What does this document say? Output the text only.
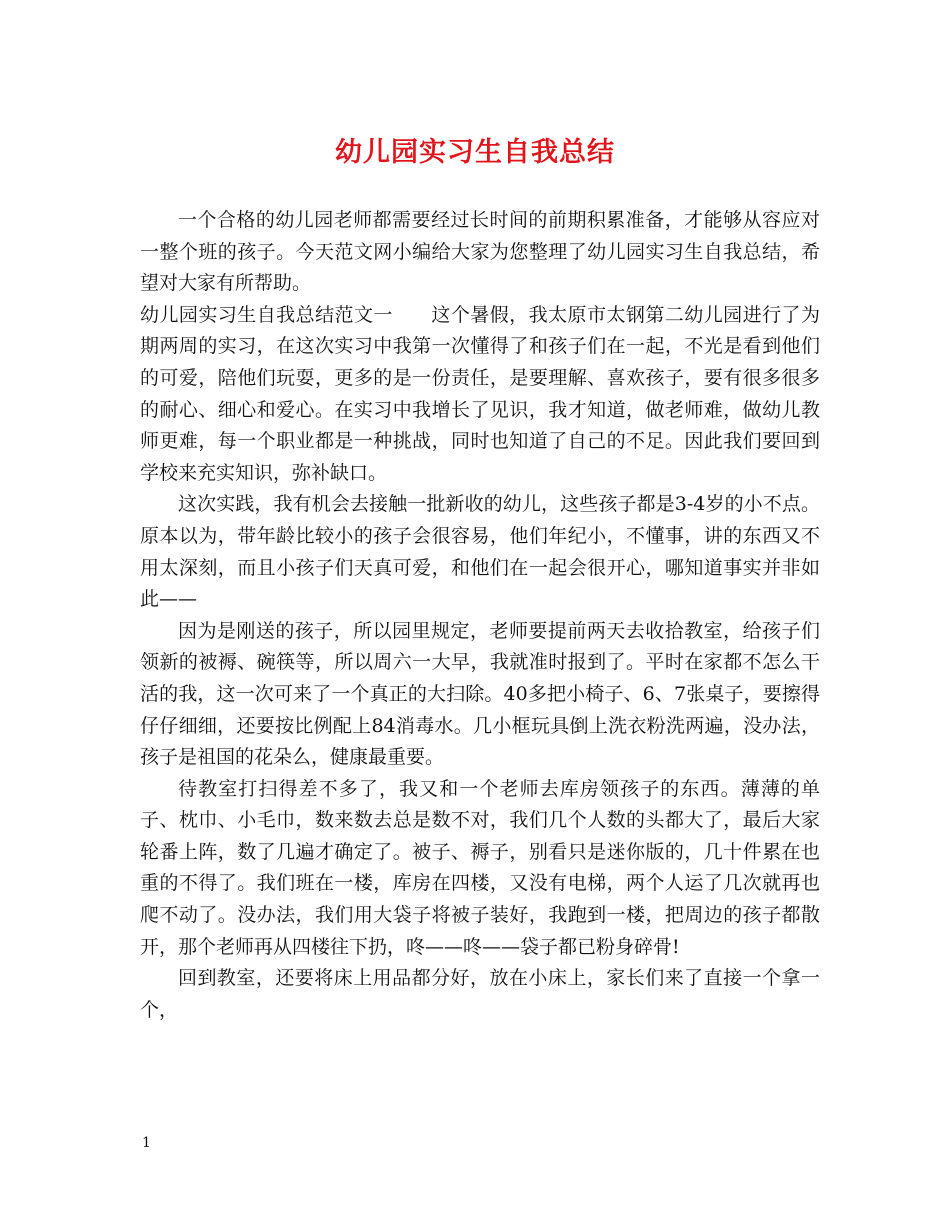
幼儿园实习生自我总结

一个合格的幼儿园老师都需要经过长时间的前期积累准备，才能够从容应对一整个班的孩子。今天范文网小编给大家为您整理了幼儿园实习生自我总结，希望对大家有所帮助。

幼儿园实习生自我总结范文一 这个暑假，我太原市太钢第二幼儿园进行了为期两周的实习，在这次实习中我第一次懂得了和孩子们在一起，不光是看到他们的可爱，陪他们玩耍，更多的是一份责任，是要理解、喜欢孩子，要有很多很多的耐心、细心和爱心。在实习中我增长了见识，我才知道，做老师难，做幼儿教师更难，每一个职业都是一种挑战，同时也知道了自己的不足。因此我们要回到学校来充实知识，弥补缺口。

这次实践，我有机会去接触一批新收的幼儿，这些孩子都是3-4岁的小不点。原本以为，带年龄比较小的孩子会很容易，他们年纪小，不懂事，讲的东西又不用太深刻，而且小孩子们天真可爱，和他们在一起会很开心，哪知道事实并非如此——

因为是刚送的孩子，所以园里规定，老师要提前两天去收拾教室，给孩子们领新的被褥、碗筷等，所以周六一大早，我就准时报到了。平时在家都不怎么干活的我，这一次可来了一个真正的大扫除。40多把小椅子、6、7张桌子，要擦得仔仔细细，还要按比例配上84消毒水。几小框玩具倒上洗衣粉洗两遍，没办法，孩子是祖国的花朵么，健康最重要。

待教室打扫得差不多了，我又和一个老师去库房领孩子的东西。薄薄的单子、枕巾、小毛巾，数来数去总是数不对，我们几个人数的头都大了，最后大家轮番上阵，数了几遍才确定了。被子、褥子，别看只是迷你版的，几十件累在也重的不得了。我们班在一楼，库房在四楼，又没有电梯，两个人运了几次就再也爬不动了。没办法，我们用大袋子将被子装好，我跑到一楼，把周边的孩子都散开，那个老师再从四楼往下扔，咚——咚——袋子都已粉身碎骨!

回到教室，还要将床上用品都分好，放在小床上，家长们来了直接一个拿一个，

1
